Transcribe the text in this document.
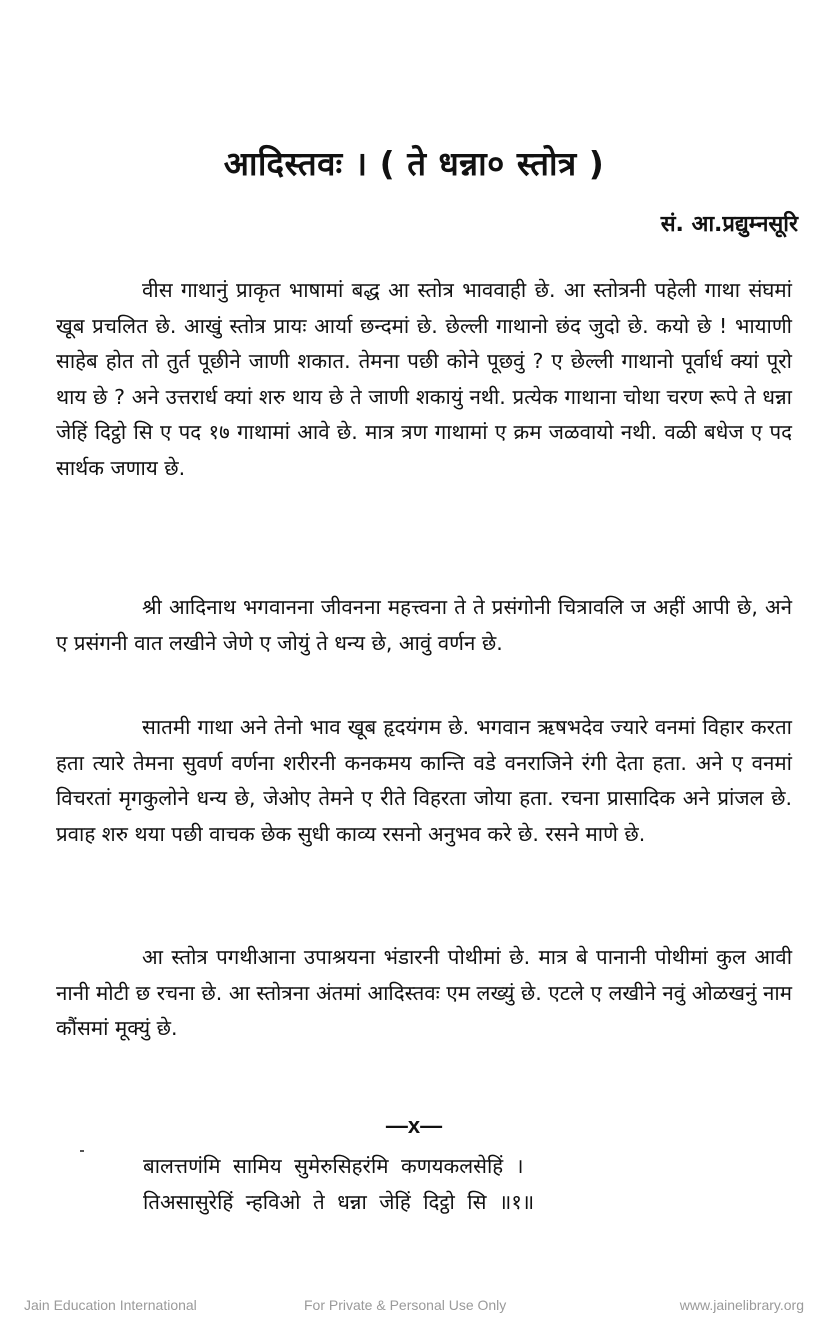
आदिस्तवः । ( ते धन्ना० स्तोत्र )
सं. आ.प्रद्युम्नसूरि

वीस गाथानुं प्राकृत भाषामां बद्ध आ स्तोत्र भाववाही छे. आ स्तोत्रनी पहेली गाथा संघमां खूब प्रचलित छे. आखुं स्तोत्र प्रायः आर्या छन्दमां छे. छेल्ली गाथानो छंद जुदो छे. कयो छे ! भायाणी साहेब होत तो तुर्त पूछीने जाणी शकात. तेमना पछी कोने पूछवुं ? ए छेल्ली गाथानो पूर्वार्ध क्यां पूरो थाय छे ? अने उत्तरार्ध क्यां शरु थाय छे ते जाणी शकायुं नथी. प्रत्येक गाथाना चोथा चरण रूपे ते धन्ना जेहिं दिट्ठो सि ए पद १७ गाथामां आवे छे. मात्र त्रण गाथामां ए क्रम जळवायो नथी. वळी बधेज ए पद सार्थक जणाय छे.

श्री आदिनाथ भगवानना जीवनना महत्त्वना ते ते प्रसंगोनी चित्रावलि ज अहीं आपी छे, अने ए प्रसंगनी वात लखीने जेणे ए जोयुं ते धन्य छे, आवुं वर्णन छे.

सातमी गाथा अने तेनो भाव खूब हृदयंगम छे. भगवान ऋषभदेव ज्यारे वनमां विहार करता हता त्यारे तेमना सुवर्ण वर्णना शरीरनी कनकमय कान्ति वडे वनराजिने रंगी देता हता. अने ए वनमां विचरतां मृगकुलोने धन्य छे, जेओए तेमने ए रीते विहरता जोया हता. रचना प्रासादिक अने प्रांजल छे. प्रवाह शरु थया पछी वाचक छेक सुधी काव्य रसनो अनुभव करे छे. रसने माणे छे.

आ स्तोत्र पगथीआना उपाश्रयना भंडारनी पोथीमां छे. मात्र बे पानानी पोथीमां कुल आवी नानी मोटी छ रचना छे. आ स्तोत्रना अंतमां आदिस्तवः एम लख्युं छे. एटले ए लखीने नवुं ओळखनुं नाम कौंसमां मूक्युं छे.

—x—
बालत्तणंमि सामिय सुमेरुसिहरंमि कणयकलसेहिं ।
तिअसासुरेहिं न्हविओ ते धन्ना जेहिं दिट्ठो सि ॥१॥
Jain Education International	For Private & Personal Use Only	www.jainelibrary.org
